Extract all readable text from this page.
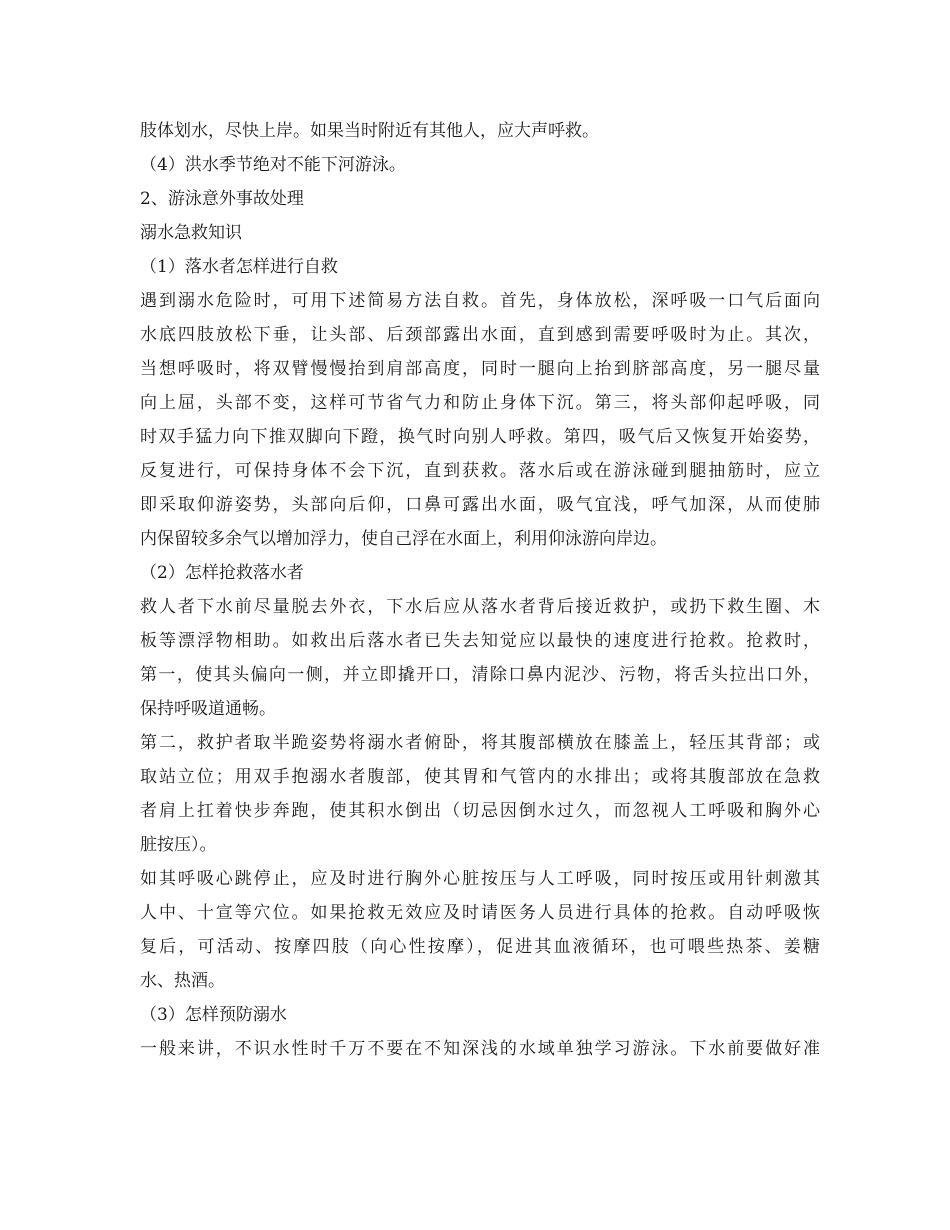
肢体划水，尽快上岸。如果当时附近有其他人，应大声呼救。
（4）洪水季节绝对不能下河游泳。
2、游泳意外事故处理
溺水急救知识
（1）落水者怎样进行自救
遇到溺水危险时，可用下述简易方法自救。首先，身体放松，深呼吸一口气后面向
水底四肢放松下垂，让头部、后颈部露出水面，直到感到需要呼吸时为止。其次，
当想呼吸时，将双臂慢慢抬到肩部高度，同时一腿向上抬到脐部高度，另一腿尽量
向上屈，头部不变，这样可节省气力和防止身体下沉。第三，将头部仰起呼吸，同
时双手猛力向下推双脚向下蹬，换气时向别人呼救。第四，吸气后又恢复开始姿势，
反复进行，可保持身体不会下沉，直到获救。落水后或在游泳碰到腿抽筋时，应立
即采取仰游姿势，头部向后仰，口鼻可露出水面，吸气宜浅，呼气加深，从而使肺
内保留较多余气以增加浮力，使自己浮在水面上，利用仰泳游向岸边。
（2）怎样抢救落水者
救人者下水前尽量脱去外衣，下水后应从落水者背后接近救护，或扔下救生圈、木
板等漂浮物相助。如救出后落水者已失去知觉应以最快的速度进行抢救。抢救时，
第一，使其头偏向一侧，并立即撬开口，清除口鼻内泥沙、污物，将舌头拉出口外，
保持呼吸道通畅。
第二，救护者取半跪姿势将溺水者俯卧，将其腹部横放在膝盖上，轻压其背部；或
取站立位；用双手抱溺水者腹部，使其胃和气管内的水排出；或将其腹部放在急救
者肩上扛着快步奔跑，使其积水倒出（切忌因倒水过久，而忽视人工呼吸和胸外心
脏按压）。
如其呼吸心跳停止，应及时进行胸外心脏按压与人工呼吸，同时按压或用针刺激其
人中、十宣等穴位。如果抢救无效应及时请医务人员进行具体的抢救。自动呼吸恢
复后，可活动、按摩四肢（向心性按摩），促进其血液循环，也可喂些热茶、姜糖
水、热酒。
（3）怎样预防溺水
一般来讲，不识水性时千万不要在不知深浅的水域单独学习游泳。下水前要做好准
